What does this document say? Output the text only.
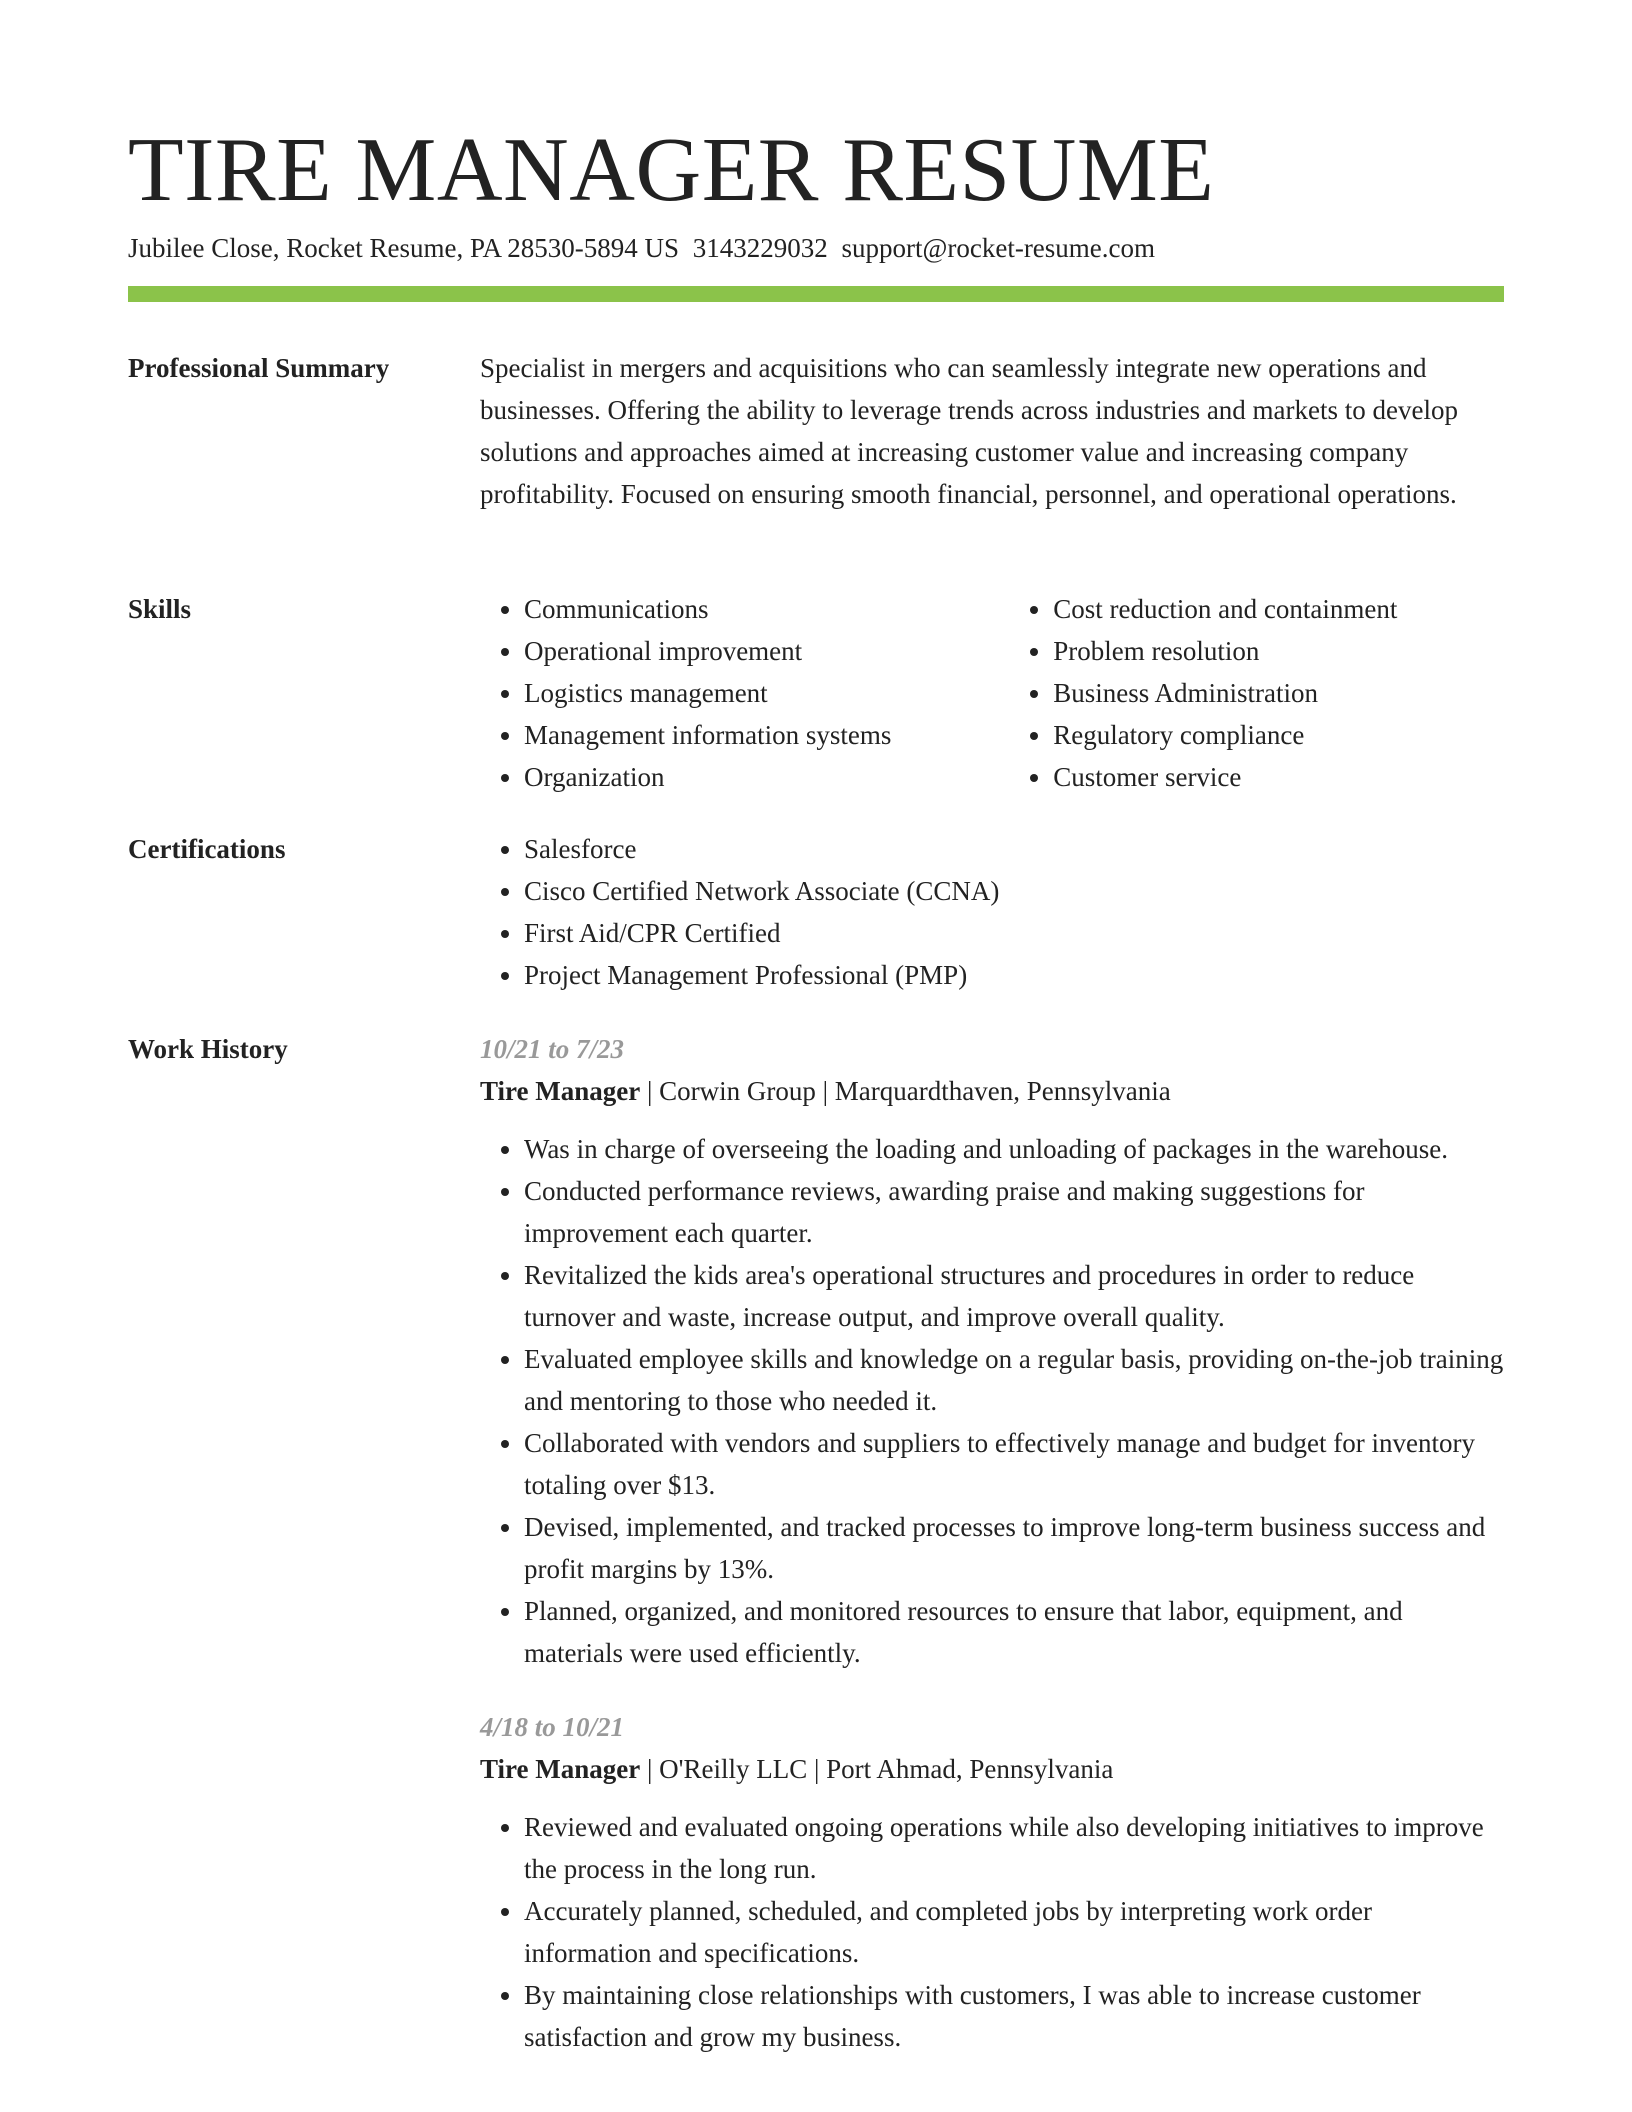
TIRE MANAGER RESUME
Jubilee Close, Rocket Resume, PA 28530-5894 US 3143229032 support@rocket-resume.com
Professional Summary	Specialist in mergers and acquisitions who can seamlessly integrate new operations and businesses. Offering the ability to leverage trends across industries and markets to develop solutions and approaches aimed at increasing customer value and increasing company profitability. Focused on ensuring smooth financial, personnel, and operational operations.

Skills	• Communications
• Operational improvement
• Logistics management
• Management information systems
• Organization
• Cost reduction and containment
• Problem resolution
• Business Administration
• Regulatory compliance
• Customer service
Certifications	• Salesforce
• Cisco Certified Network Associate (CCNA)
• First Aid/CPR Certified
• Project Management Professional (PMP)
Work History	10/21 to 7/23
Tire Manager | Corwin Group | Marquardthaven, Pennsylvania
• Was in charge of overseeing the loading and unloading of packages in the warehouse.
• Conducted performance reviews, awarding praise and making suggestions for improvement each quarter.
• Revitalized the kids area's operational structures and procedures in order to reduce turnover and waste, increase output, and improve overall quality.
• Evaluated employee skills and knowledge on a regular basis, providing on-the-job training and mentoring to those who needed it.
• Collaborated with vendors and suppliers to effectively manage and budget for inventory totaling over $13.
• Devised, implemented, and tracked processes to improve long-term business success and profit margins by 13%.
• Planned, organized, and monitored resources to ensure that labor, equipment, and materials were used efficiently.
4/18 to 10/21
Tire Manager | O'Reilly LLC | Port Ahmad, Pennsylvania
• Reviewed and evaluated ongoing operations while also developing initiatives to improve the process in the long run.
• Accurately planned, scheduled, and completed jobs by interpreting work order information and specifications.
• By maintaining close relationships with customers, I was able to increase customer satisfaction and grow my business.
